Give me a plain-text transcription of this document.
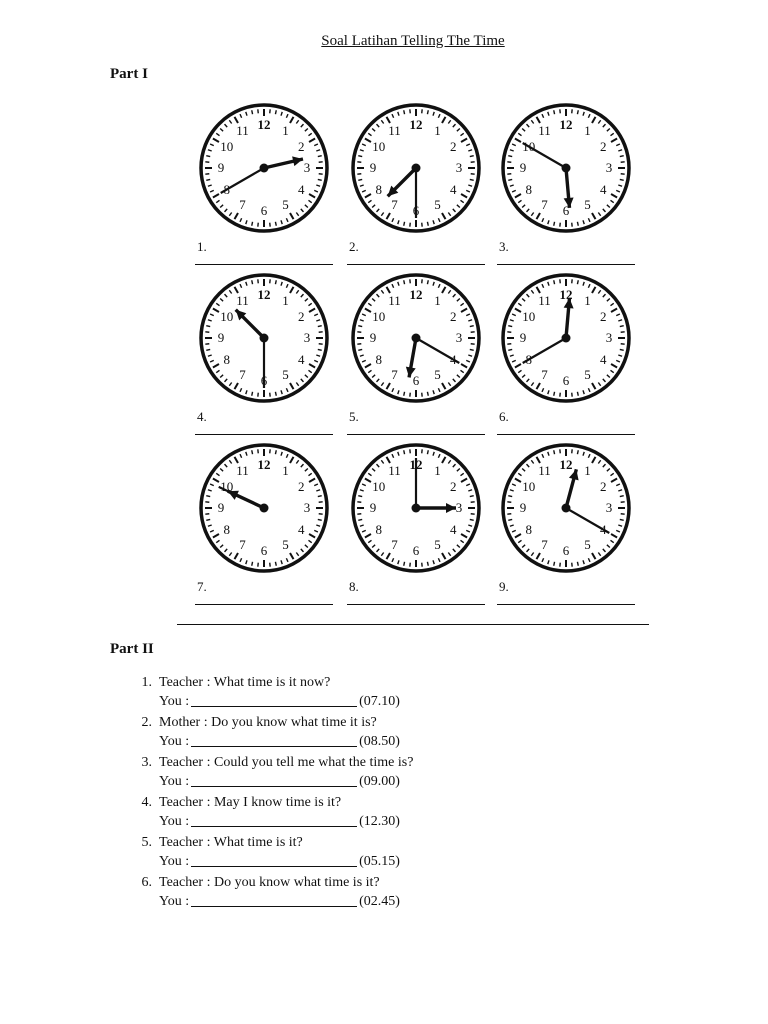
Soal Latihan Telling The Time
Part I
12 1
2
3
4
5
6
7
8
9
10
11
1.
12 1
2
3
4
5
6
7
8
9
10
11
2.
12 1
2
3
4
5
6
7
8
9
10
11
3.
12 1
2
3
4
5
6
7
8
9
10
11
4.
12 1
2
3
4
5
6
7
8
9
10
11
5.
12 1
2
3
4
5
6
7
8
9
10
11
6.
12 1
2
3
4
5
6
7
8
9
10
11
7.
12 1
2
3
4
5
6
7
8
9
10
11
8.
12 1
2
3
4
5
6
7
8
9
10
11
9.
Part II
1. Teacher : What time is it now?
You :	(07.10)
2. Mother : Do you know what time it is?
You :	(08.50)
3. Teacher : Could you tell me what the time is?
You :	(09.00)
4. Teacher : May I know time is it?
You :	(12.30)
5. Teacher : What time is it?
You :	(05.15)
6. Teacher : Do you know what time is it?
You :	(02.45)
